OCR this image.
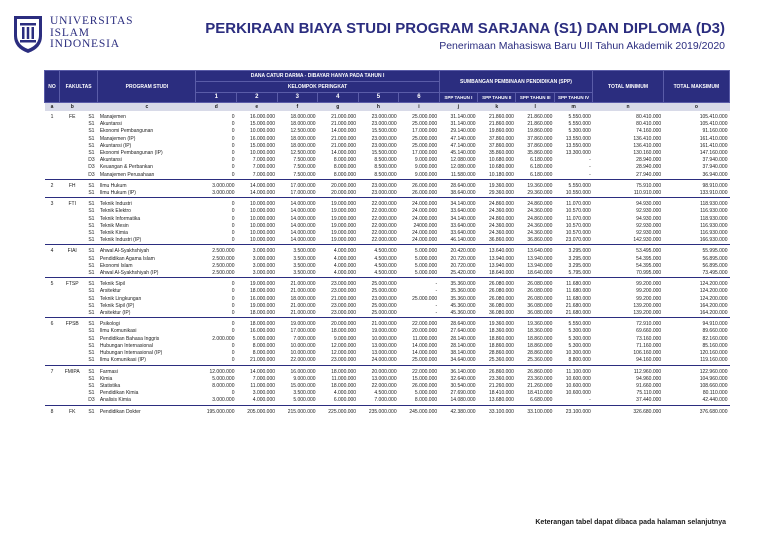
UNIVERSITAS
ISLAM
INDONESIA
PERKIRAAN BIAYA STUDI PROGRAM SARJANA (S1) DAN DIPLOMA (D3)
Penerimaan Mahasiswa Baru UII Tahun Akademik 2019/2020
NO	FAKULTAS		PROGRAM STUDI	DANA CATUR DARMA - DIBAYAR HANYA PADA TAHUN I						SUMBANGAN PEMBINAAN PENDIDIKAN (SPP)				TOTAL MINIMUM	TOTAL MAKSIMUM
				KELOMPOK PERINGKAT											
				1	2	3	4	5	6	SPP TAHUN I	SPP TAHUN II	SPP TAHUN III	SPP TAHUN IV		
a	b		c	d	e	f	g	h	i	j	k	l	m	n	o

1	FE	S1	Manajemen	0	16.000.000	18.000.000	21.000.000	23.000.000	25.000.000	31.140.000	21.860.000	21.860.000	5.550.000	80.410.000	105.410.000
		S1	Akuntansi	0	15.000.000	18.000.000	21.000.000	23.000.000	25.000.000	31.140.000	21.860.000	21.860.000	5.550.000	80.410.000	105.410.000
		S1	Ekonomi Pembangunan	0	10.000.000	12.500.000	14.000.000	15.500.000	17.000.000	29.140.000	19.860.000	19.860.000	5.300.000	74.160.000	91.160.000
		S1	Manajemen (IP)	0	16.000.000	18.000.000	21.000.000	23.000.000	25.000.000	47.140.000	37.860.000	37.860.000	13.550.000	136.410.000	161.410.000
		S1	Akuntansi (IP)	0	15.000.000	18.000.000	21.000.000	23.000.000	25.000.000	47.140.000	37.860.000	37.860.000	13.550.000	136.410.000	161.410.000
		S1	Ekonomi Pembangunan (IP)	0	10.000.000	12.500.000	14.000.000	15.500.000	17.000.000	45.140.000	35.860.000	35.860.000	13.300.000	130.160.000	147.160.000
		D3	Akuntansi	0	7.000.000	7.500.000	8.000.000	8.500.000	9.000.000	12.080.000	10.680.000	6.180.000	-	28.940.000	37.940.000
		D3	Keuangan & Perbankan	0	7.000.000	7.500.000	8.000.000	8.500.000	9.000.000	12.080.000	10.680.000	6.180.000	-	28.940.000	37.940.000
		D3	Manajemen Perusahaan	0	7.000.000	7.500.000	8.000.000	8.500.000	9.000.000	11.580.000	10.180.000	6.180.000	-	27.940.000	36.940.000

2	FH	S1	Ilmu Hukum	3.000.000	14.000.000	17.000.000	20.000.000	23.000.000	26.000.000	28.640.000	19.360.000	19.360.000	5.550.000	75.910.000	98.910.000
		S1	Ilmu Hukum (IP)	3.000.000	14.000.000	17.000.000	20.000.000	23.000.000	26.000.000	38.640.000	29.360.000	29.360.000	10.550.000	110.910.000	133.910.000

3	FTI	S1	Teknik Industri	0	10.000.000	14.000.000	19.000.000	22.000.000	24.000.000	34.140.000	24.860.000	24.860.000	11.070.000	94.930.000	118.930.000
		S1	Teknik Elektro	0	10.000.000	14.000.000	19.000.000	22.000.000	24.000.000	33.640.000	24.360.000	24.360.000	10.570.000	92.930.000	116.930.000
		S1	Teknik Informatika	0	10.000.000	14.000.000	19.000.000	22.000.000	24.000.000	34.140.000	24.860.000	24.860.000	11.070.000	94.930.000	118.930.000
		S1	Teknik Mesin	0	10.000.000	14.000.000	19.000.000	22.000.000	24000.000	33.640.000	24.360.000	24.360.000	10.570.000	92.930.000	116.930.000
		S1	Teknik Kimia	0	10.000.000	14.000.000	19.000.000	22.000.000	24.000.000	33.640.000	24.360.000	24.360.000	10.570.000	92.930.000	116.930.000
		S1	Teknik Industri (IP)	0	10.000.000	14.000.000	19.000.000	22.000.000	24.000.000	46.140.000	36.860.000	36.860.000	23.070.000	142.930.000	166.930.000

4	FIAI	S1	Ahwal Al-Syakhshiyah	2.500.000	3.000.000	3.500.000	4.000.000	4.500.000	5.000.000	20.420.000	13.640.000	13.640.000	3.295.000	53.495.000	55.995.000
		S1	Pendidikan Agama Islam	2.500.000	3.000.000	3.500.000	4.000.000	4.500.000	5.000.000	20.720.000	13.940.000	13.940.000	3.295.000	54.395.000	56.895.000
		S1	Ekonomi Islam	2.500.000	3.000.000	3.500.000	4.000.000	4.500.000	5.000.000	20.720.000	13.940.000	13.940.000	3.295.000	54.395.000	56.895.000
		S1	Ahwal Al-Syakhshiyah (IP)	2.500.000	3.000.000	3.500.000	4.000.000	4.500.000	5.000.000	25.420.000	18.640.000	18.640.000	5.795.000	70.995.000	73.495.000

5	FTSP	S1	Teknik Sipil	0	19.000.000	21.000.000	23.000.000	25.000.000	-	35.360.000	26.080.000	26.080.000	11.680.000	99.200.000	124.200.000
		S1	Arsitektur	0	18.000.000	21.000.000	23.000.000	25.000.000	-	35.360.000	26.080.000	26.080.000	11.680.000	99.200.000	124.200.000
		S1	Teknik Lingkungan	0	16.000.000	18.000.000	21.000.000	23.000.000	25.000.000	35.360.000	26.080.000	26.080.000	11.680.000	99.200.000	124.200.000
		S1	Teknik Sipil (IP)	0	19.000.000	21.000.000	23.000.000	25.000.000	-	45.360.000	36.080.000	36.080.000	21.680.000	139.200.000	164.200.000
		S1	Arsitektur (IP)	0	18.000.000	21.000.000	23.000.000	25.000.000	-	45.360.000	36.080.000	36.080.000	21.680.000	139.200.000	164.200.000

6	FPSB	S1	Psikologi	0	18.000.000	19.000.000	20.000.000	21.000.000	22.000.000	28.640.000	19.360.000	19.360.000	5.550.000	72.910.000	94.910.000
		S1	Ilmu Komunikasi	0	16.000.000	17.000.000	18.000.000	19.000.000	20.000.000	27.640.000	18.360.000	18.360.000	5.300.000	69.660.000	89.660.000
		S1	Pendidikan Bahasa Inggris	2.000.000	5.000.000	7.000.000	9.000.000	10.000.000	11.000.000	28.140.000	18.860.000	18.860.000	5.300.000	73.160.000	82.160.000
		S1	Hubungan Internasional	0	8.000.000	10.000.000	12.000.000	13.000.000	14.000.000	28.140.000	18.860.000	18.860.000	5.300.000	71.160.000	85.160.000
		S1	Hubungan Internasional (IP)	0	8.000.000	10.000.000	12.000.000	13.000.000	14.000.000	38.140.000	28.860.000	28.860.000	10.300.000	106.160.000	120.160.000
		S1	Ilmu Komunikasi (IP)	0	21.000.000	22.000.000	23.000.000	24.000.000	25.000.000	34.640.000	25.360.000	25.360.000	8.800.000	94.160.000	119.160.000

7	FMIPA	S1	Farmasi	12.000.000	14.000.000	16.000.000	18.000.000	20.000.000	22.000.000	36.140.000	26.860.000	26.860.000	11.100.000	112.960.000	122.960.000
		S1	Kimia	5.000.000	7.000.000	9.000.000	11.000.000	13.000.000	15.000.000	32.640.000	23.360.000	23.360.000	10.600.000	94.960.000	104.960.000
		S1	Statistika	8.000.000	11.000.000	15.000.000	18.000.000	22.000.000	26.000.000	30.540.000	21.260.000	21.260.000	10.600.000	91.660.000	108.660.000
		S1	Pendidikan Kimia	0	3.000.000	3.500.000	4.000.000	4.500.000	5.000.000	27.690.000	18.410.000	18.410.000	10.600.000	75.110.000	80.110.000
		D3	Analisis Kimia	3.000.000	4.000.000	5.000.000	6.000.000	7.000.000	8.000.000	14.080.000	13.680.000	6.680.000	-	37.440.000	42.440.000

8	FK	S1	Pendidikan Dokter	195.000.000	205.000.000	215.000.000	225.000.000	235.000.000	245.000.000	42.380.000	33.100.000	33.100.000	23.100.000	326.680.000	376.680.000
Keterangan tabel dapat dibaca pada halaman selanjutnya
